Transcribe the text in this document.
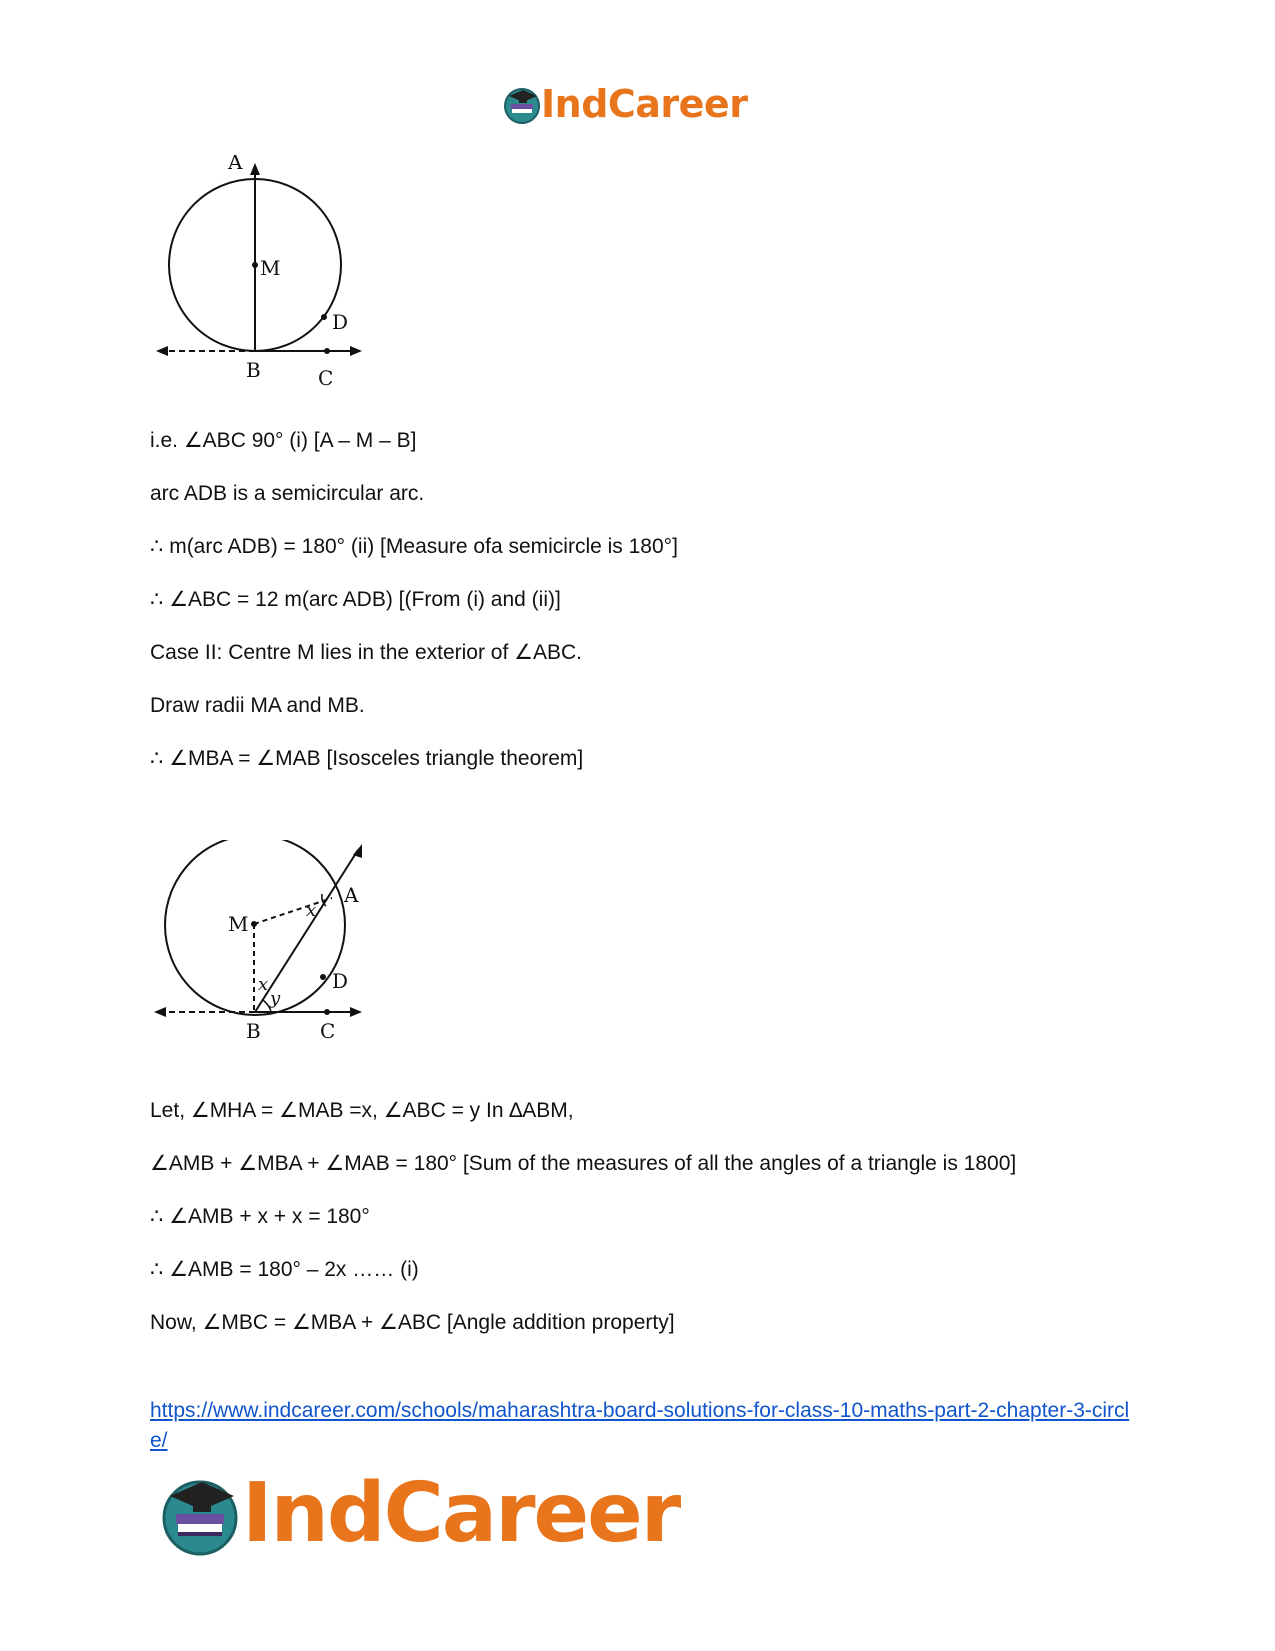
IndCareer
A
M
D
B	C

i.e. ∠ABC 90° (i) [A – M – B]

arc ADB is a semicircular arc.

∴ m(arc ADB) = 180° (ii) [Measure ofa semicircle is 180°]

∴ ∠ABC = 12 m(arc ADB) [(From (i) and (ii)]

Case II: Centre M lies in the exterior of ∠ABC.

Draw radii MA and MB.

∴ ∠MBA = ∠MAB [Isosceles triangle theorem]

M
A
x
x
y
D
B	C

Let, ∠MHA = ∠MAB =x, ∠ABC = y In ∆ABM,

∠AMB + ∠MBA + ∠MAB = 180° [Sum of the measures of all the angles of a triangle is 1800]

∴ ∠AMB + x + x = 180°

∴ ∠AMB = 180° – 2x …… (i)

Now, ∠MBC = ∠MBA + ∠ABC [Angle addition property]

https://www.indcareer.com/schools/maharashtra-board-solutions-for-class-10-maths-part-2-chapter-3-circle/
IndCareer
